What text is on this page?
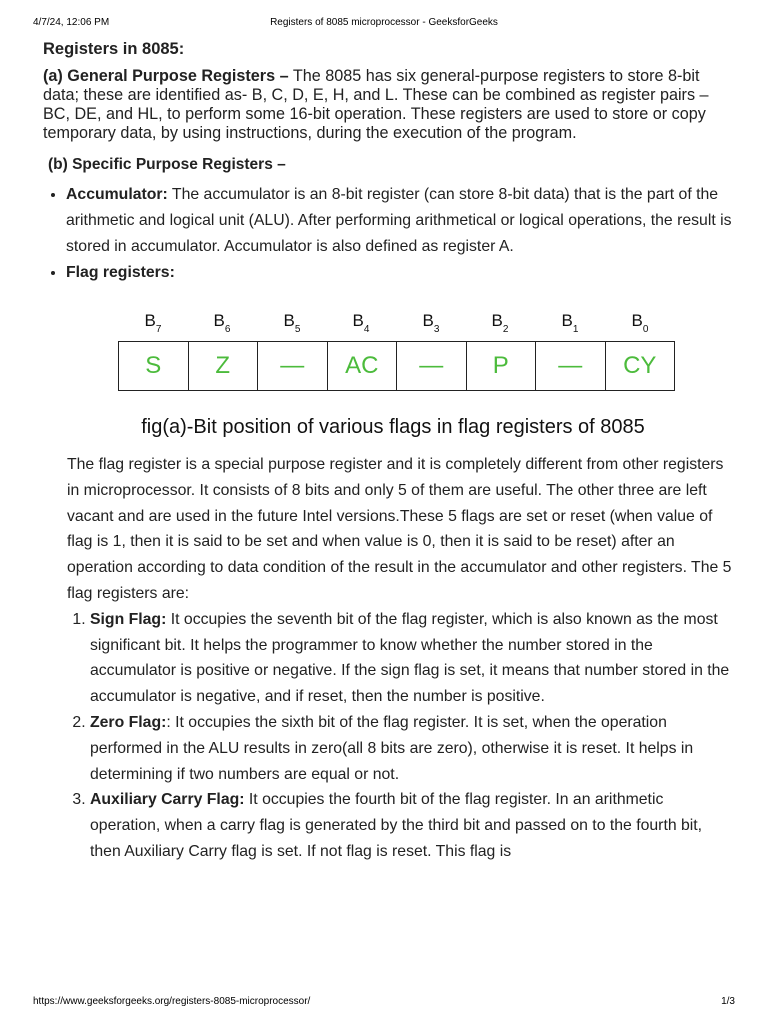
4/7/24, 12:06 PM	Registers of 8085 microprocessor - GeeksforGeeks
Registers in 8085:

(a) General Purpose Registers – The 8085 has six general-purpose registers to store 8-bit data; these are identified as- B, C, D, E, H, and L. These can be combined as register pairs – BC, DE, and HL, to perform some 16-bit operation. These registers are used to store or copy temporary data, by using instructions, during the execution of the program.

(b) Specific Purpose Registers –
• Accumulator: The accumulator is an 8-bit register (can store 8-bit data) that is the part of the arithmetic and logical unit (ALU). After performing arithmetical or logical operations, the result is stored in accumulator. Accumulator is also defined as register A.
• Flag registers:
$B_7$	$B_6$	$B_5$	$B_4$	$B_3$	$B_2$	$B_1$	$B_0$
S	Z	—	AC	—	P	—	CY
fig(a)-Bit position of various flags in flag registers of 8085

The flag register is a special purpose register and it is completely different from other registers in microprocessor. It consists of 8 bits and only 5 of them are useful. The other three are left vacant and are used in the future Intel versions.These 5 flags are set or reset (when value of flag is 1, then it is said to be set and when value is 0, then it is said to be reset) after an operation according to data condition of the result in the accumulator and other registers. The 5 flag registers are:

1. Sign Flag: It occupies the seventh bit of the flag register, which is also known as the most significant bit. It helps the programmer to know whether the number stored in the accumulator is positive or negative. If the sign flag is set, it means that number stored in the accumulator is negative, and if reset, then the number is positive.
2. Zero Flag:: It occupies the sixth bit of the flag register. It is set, when the operation performed in the ALU results in zero(all 8 bits are zero), otherwise it is reset. It helps in determining if two numbers are equal or not.
3. Auxiliary Carry Flag: It occupies the fourth bit of the flag register. In an arithmetic operation, when a carry flag is generated by the third bit and passed on to the fourth bit, then Auxiliary Carry flag is set. If not flag is reset. This flag is
https://www.geeksforgeeks.org/registers-8085-microprocessor/	1/3
